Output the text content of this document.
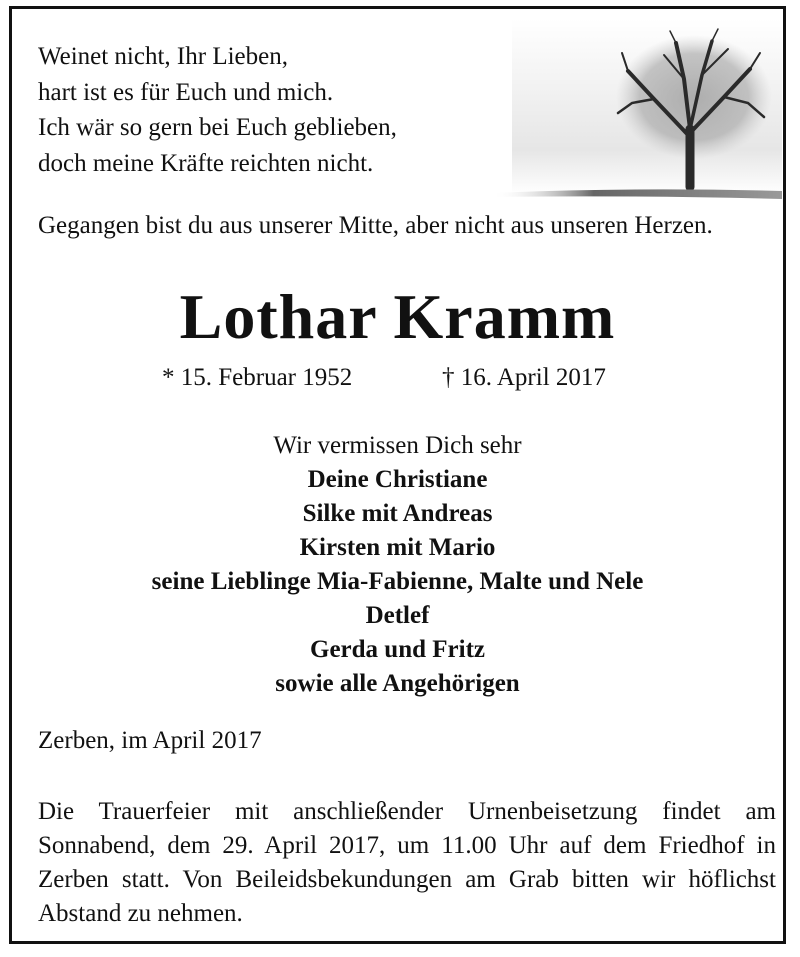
Weinet nicht, Ihr Lieben,
hart ist es für Euch und mich.
Ich wär so gern bei Euch geblieben,
doch meine Kräfte reichten nicht.
Gegangen bist du aus unserer Mitte, aber nicht aus unseren Herzen.
Lothar Kramm
* 15. Februar 1952	† 16. April 2017
Wir vermissen Dich sehr
Deine Christiane
Silke mit Andreas
Kirsten mit Mario
seine Lieblinge Mia-Fabienne, Malte und Nele
Detlef
Gerda und Fritz
sowie alle Angehörigen
Zerben, im April 2017
Die Trauerfeier mit anschließender Urnenbeisetzung findet am Sonnabend, dem 29. April 2017, um 11.00 Uhr auf dem Friedhof in Zerben statt. Von Beileidsbekundungen am Grab bitten wir höflichst Abstand zu nehmen.
